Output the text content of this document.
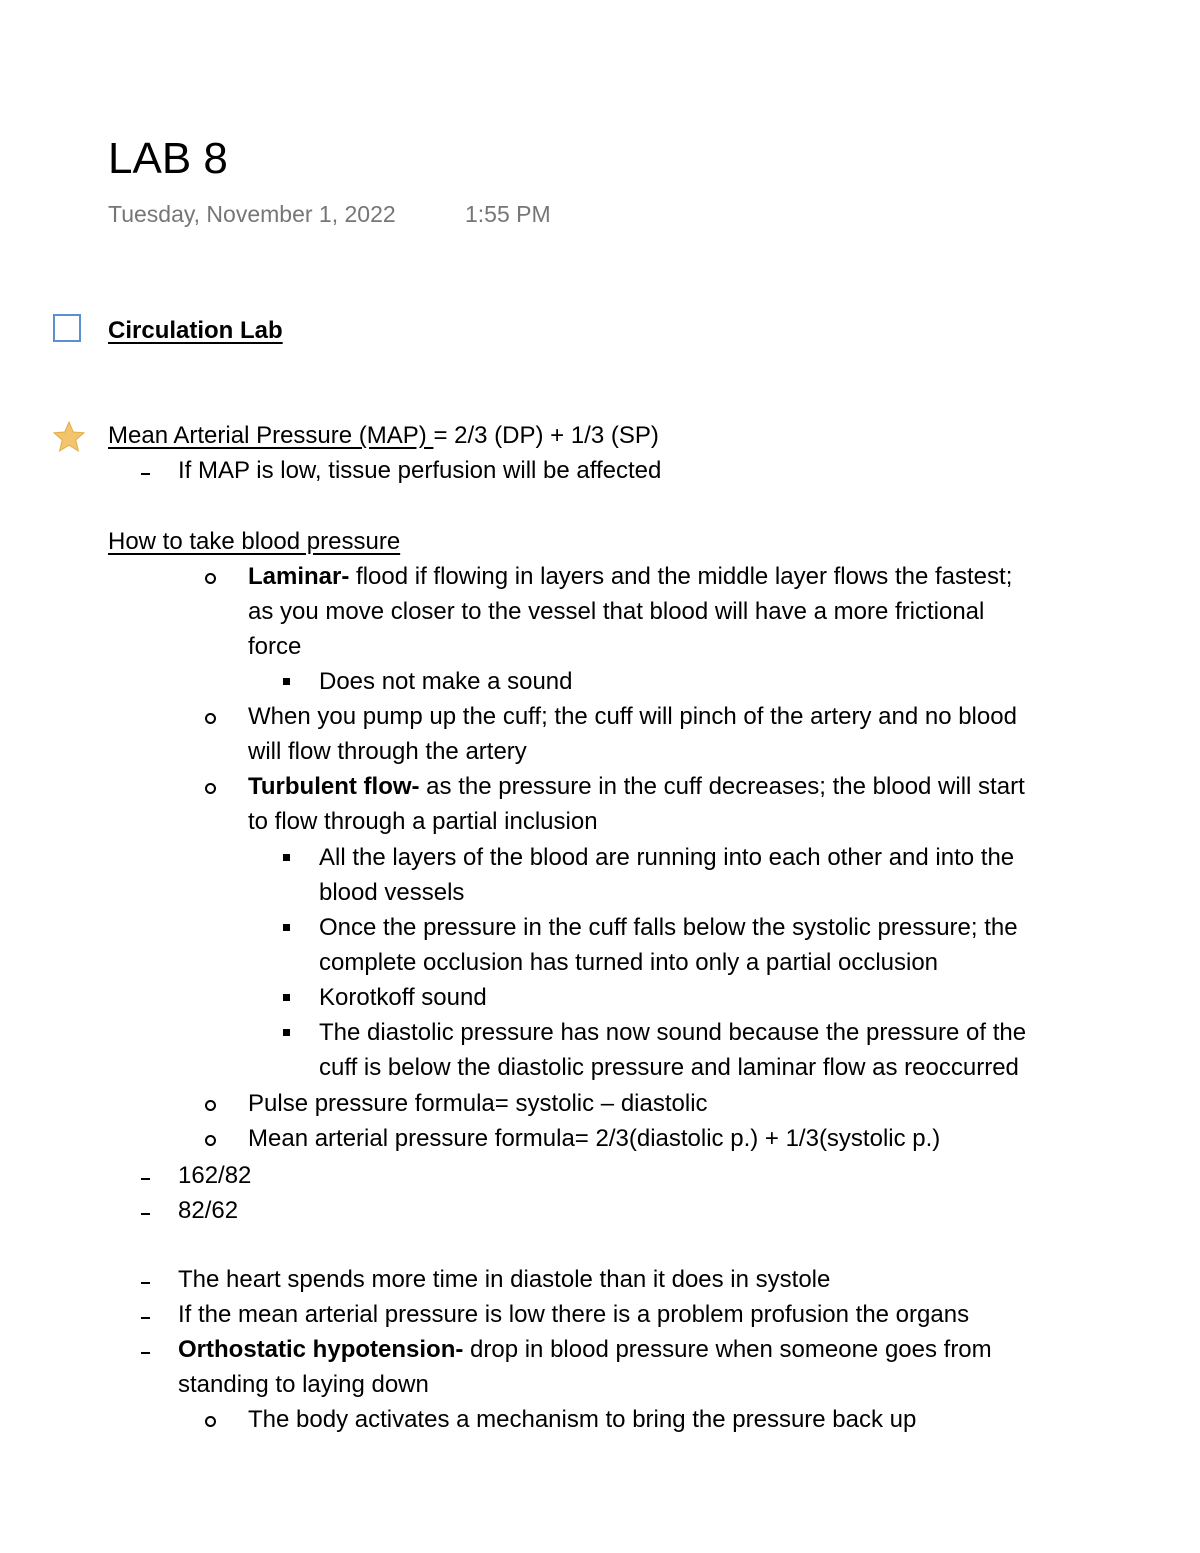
LAB 8
Tuesday, November 1, 2022	1:55 PM
Circulation Lab
Mean Arterial Pressure (MAP) = 2/3 (DP) + 1/3 (SP)
If MAP is low, tissue perfusion will be affected
How to take blood pressure
Laminar- flood if flowing in layers and the middle layer flows the fastest;
as you move closer to the vessel that blood will have a more frictional
force
Does not make a sound
When you pump up the cuff; the cuff will pinch of the artery and no blood
will flow through the artery
Turbulent flow- as the pressure in the cuff decreases; the blood will start
to flow through a partial inclusion
All the layers of the blood are running into each other and into the
blood vessels
Once the pressure in the cuff falls below the systolic pressure; the
complete occlusion has turned into only a partial occlusion
Korotkoff sound
The diastolic pressure has now sound because the pressure of the
cuff is below the diastolic pressure and laminar flow as reoccurred
Pulse pressure formula= systolic – diastolic
Mean arterial pressure formula= 2/3(diastolic p.) + 1/3(systolic p.)
162/82
82/62
The heart spends more time in diastole than it does in systole
If the mean arterial pressure is low there is a problem profusion the organs
Orthostatic hypotension- drop in blood pressure when someone goes from
standing to laying down
The body activates a mechanism to bring the pressure back up
